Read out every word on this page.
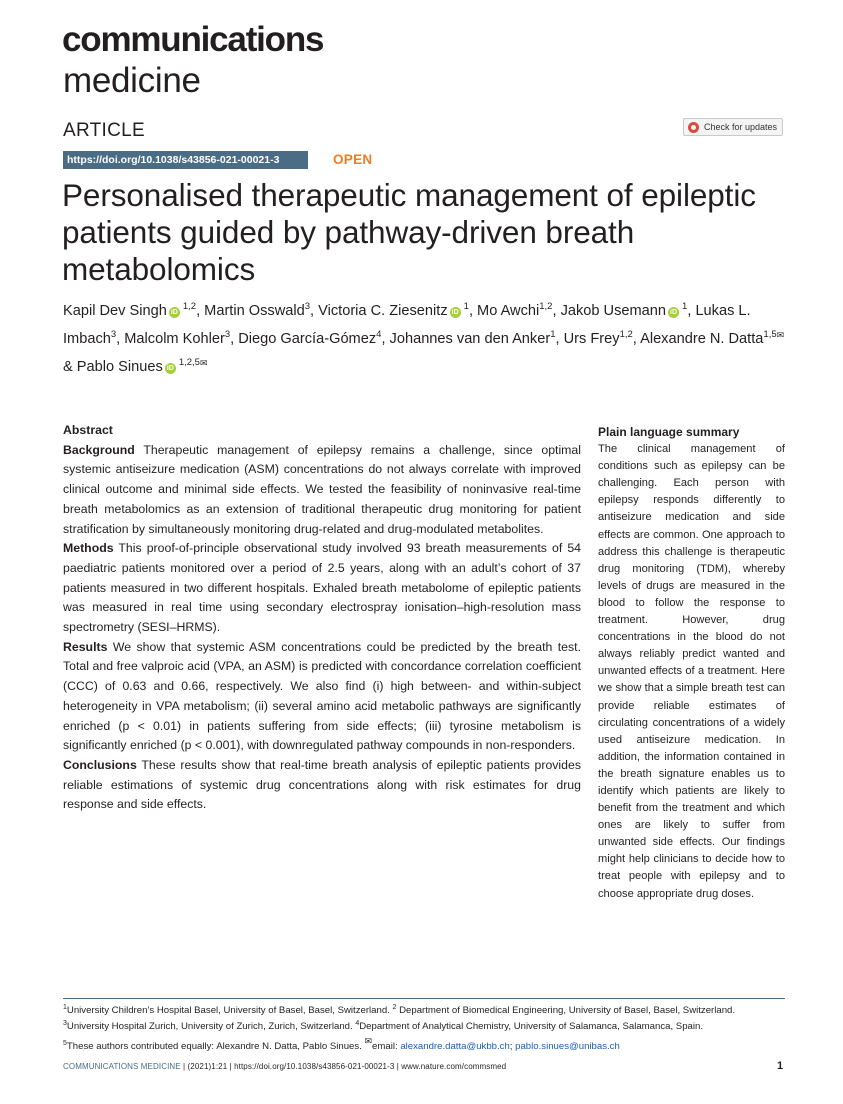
communications
medicine
ARTICLE	Check for updates
https://doi.org/10.1038/s43856-021-00021-3	OPEN
Personalised therapeutic management of epileptic patients guided by pathway-driven breath metabolomics
Kapil Dev Singh iD$^{1,2}$, Martin Osswald$^3$, Victoria C. Ziesenitz $iD^1$, Mo Awchi$^{1,2}$, Jakob Usemann $iD^1$, Lukas L. Imbach$^3$, Malcolm Kohler$^3$, Diego García-Gómez$^4$, Johannes van den Anker$^1$, Urs Frey$^{1,2}$, Alexandre N. Datta$^{1,5✉}$ & Pablo Sinues $iD^{1,2,5✉}$
Abstract

Background Therapeutic management of epilepsy remains a challenge, since optimal systemic antiseizure medication (ASM) concentrations do not always correlate with improved clinical outcome and minimal side effects. We tested the feasibility of noninvasive real-time breath metabolomics as an extension of traditional therapeutic drug monitoring for patient stratification by simultaneously monitoring drug-related and drug-modulated metabolites.

Methods This proof-of-principle observational study involved 93 breath measurements of 54 paediatric patients monitored over a period of 2.5 years, along with an adult’s cohort of 37 patients measured in two different hospitals. Exhaled breath metabolome of epileptic patients was measured in real time using secondary electrospray ionisation–high-resolution mass spectrometry (SESI–HRMS).

Results We show that systemic ASM concentrations could be predicted by the breath test. Total and free valproic acid (VPA, an ASM) is predicted with concordance correlation coefficient (CCC) of 0.63 and 0.66, respectively. We also find (i) high between- and within-subject heterogeneity in VPA metabolism; (ii) several amino acid metabolic pathways are significantly enriched (p < 0.01) in patients suffering from side effects; (iii) tyrosine metabolism is significantly enriched (p < 0.001), with downregulated pathway compounds in non-responders.

Conclusions These results show that real-time breath analysis of epileptic patients provides reliable estimations of systemic drug concentrations along with risk estimates for drug response and side effects.

Plain language summary
The clinical management of conditions such as epilepsy can be challenging. Each person with epilepsy responds differently to antiseizure medication and side effects are common. One approach to address this challenge is therapeutic drug monitoring (TDM), whereby levels of drugs are measured in the blood to follow the response to treatment. However, drug concentrations in the blood do not always reliably predict wanted and unwanted effects of a treatment. Here we show that a simple breath test can provide reliable estimates of circulating concentrations of a widely used antiseizure medication. In addition, the information contained in the breath signature enables us to identify which patients are likely to benefit from the treatment and which ones are likely to suffer from unwanted side effects. Our findings might help clinicians to decide how to treat people with epilepsy and to choose appropriate drug doses.
$^1$University Children’s Hospital Basel, University of Basel, Basel, Switzerland. $^2$ Department of Biomedical Engineering, University of Basel, Basel, Switzerland.
$^3$University Hospital Zurich, University of Zurich, Zurich, Switzerland. $^4$Department of Analytical Chemistry, University of Salamanca, Salamanca, Spain.
$^5$These authors contributed equally: Alexandre N. Datta, Pablo Sinues. ✉email: alexandre.datta@ukbb.ch; pablo.sinues@unibas.ch
COMMUNICATIONS MEDICINE | (2021)1:21 | https://doi.org/10.1038/s43856-021-00021-3 | www.nature.com/commsmed	1
